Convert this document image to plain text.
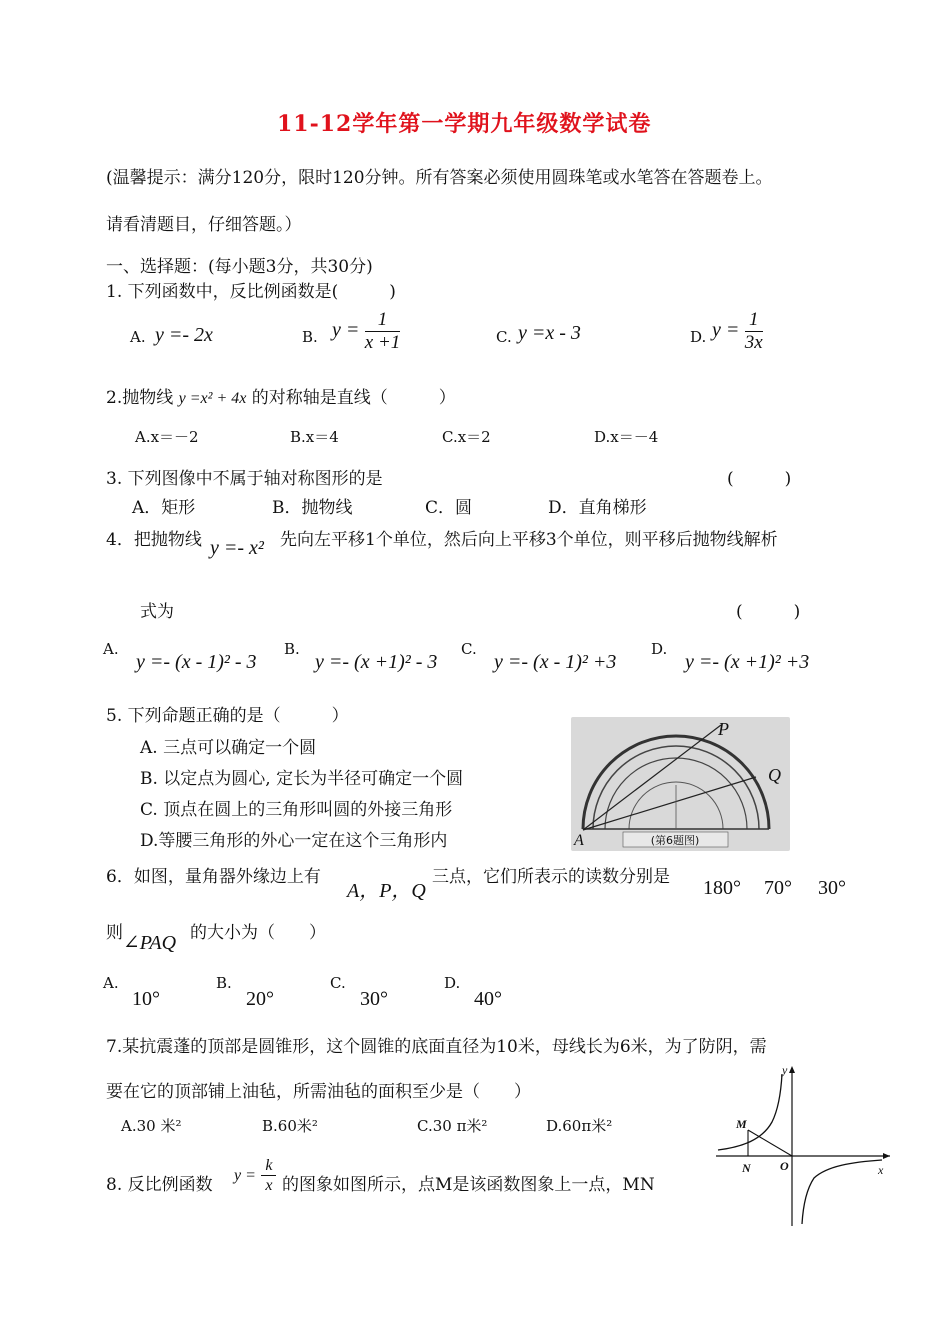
11-12学年第一学期九年级数学试卷
(温馨提示：满分120分，限时120分钟。所有答案必须使用圆珠笔或水笔答在答题卷上。
请看清题目，仔细答题。）
一、选择题：(每小题3分，共30分)
1. 下列函数中，反比例函数是(　　　)
A. y =- 2x	B. $y = \frac{1}{x +1}$	C. y =x - 3	D. $y = \frac{1}{3x}$
2.抛物线 y =x² + 4x 的对称轴是直线（　　　）
A.x＝－2	B.x＝4	C.x＝2	D.x＝－4
3. 下列图像中不属于轴对称图形的是	(　　　)
A．矩形	B．抛物线	C．圆	D．直角梯形
4．把抛物线 y =- x² 先向左平移1个单位，然后向上平移3个单位，则平移后抛物线解析
式为	(　　　)
A.
y =- (x - 1)² - 3
B.
y =- (x +1)² - 3
C.
y =- (x - 1)² +3
D.
y =- (x +1)² +3
5. 下列命题正确的是（　　　）
A. 三点可以确定一个圆
B. 以定点为圆心, 定长为半径可确定一个圆
C. 顶点在圆上的三角形叫圆的外接三角形
D.等腰三角形的外心一定在这个三角形内	(第6题图)
P
Q
A
6．如图，量角器外缘边上有
A，P，Q
三点，它们所表示的读数分别是 180° 70° 30°
则 ∠PAQ 的大小为（　　）
A.
10°
B.
20°
C.
30°
D.
40°
7.某抗震蓬的顶部是圆锥形，这个圆锥的底面直径为10米，母线长为6米，为了防阴，需
要在它的顶部铺上油毡，所需油毡的面积至少是（　　）
A.30 米²	B.60米²	C.30 π米²	D.60π米²
8. 反比例函数 $y = \frac{k}{x}$ 的图象如图所示，点M是该函数图象上一点，MN
y
x
M
N O
